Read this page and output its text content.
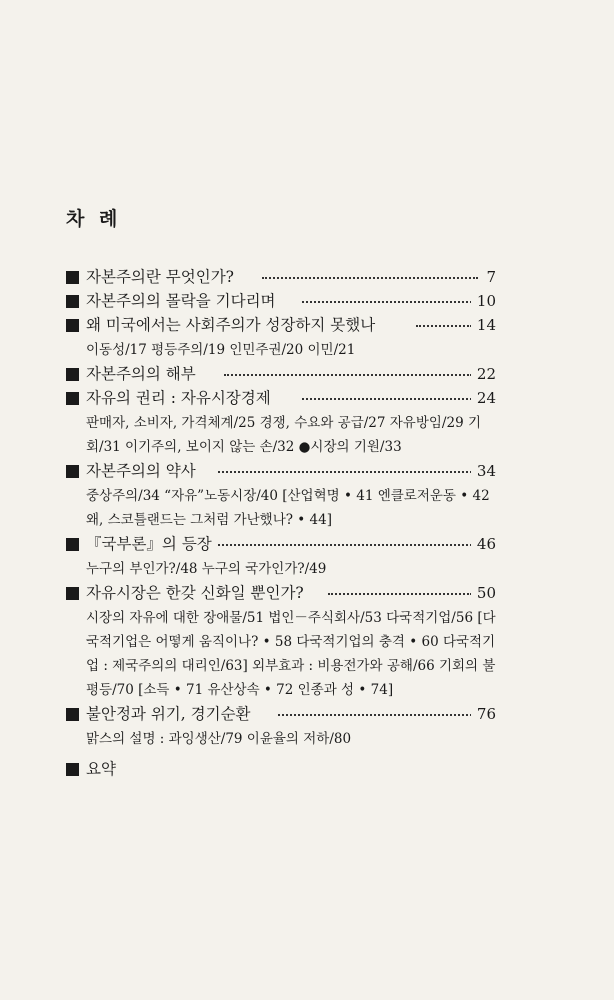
차 례
자본주의란 무엇인가?	7
자본주의의 몰락을 기다리며	10
왜 미국에서는 사회주의가 성장하지 못했나	14
이동성/17 평등주의/19 인민주권/20 이민/21
자본주의의 해부	22
자유의 권리 : 자유시장경제	24
판매자, 소비자, 가격체계/25 경쟁, 수요와 공급/27 자유방임/29 기회/31 이기주의, 보이지 않는 손/32 ●시장의 기원/33
자본주의의 약사	34
중상주의/34 “자유”노동시장/40 [산업혁명 • 41 엔클로저운동 • 42 왜, 스코틀랜드는 그처럼 가난했나? • 44]
『국부론』의 등장	46
누구의 부인가?/48 누구의 국가인가?/49
자유시장은 한갖 신화일 뿐인가?	50
시장의 자유에 대한 장애물/51 법인－주식회사/53 다국적기업/56 [다국적기업은 어떻게 움직이나? • 58 다국적기업의 충격 • 60 다국적기업 : 제국주의의 대리인/63] 외부효과 : 비용전가와 공해/66 기회의 불평등/70 [소득 • 71 유산상속 • 72 인종과 성 • 74]
불안정과 위기, 경기순환	76
맑스의 설명 : 과잉생산/79 이윤율의 저하/80
요약
